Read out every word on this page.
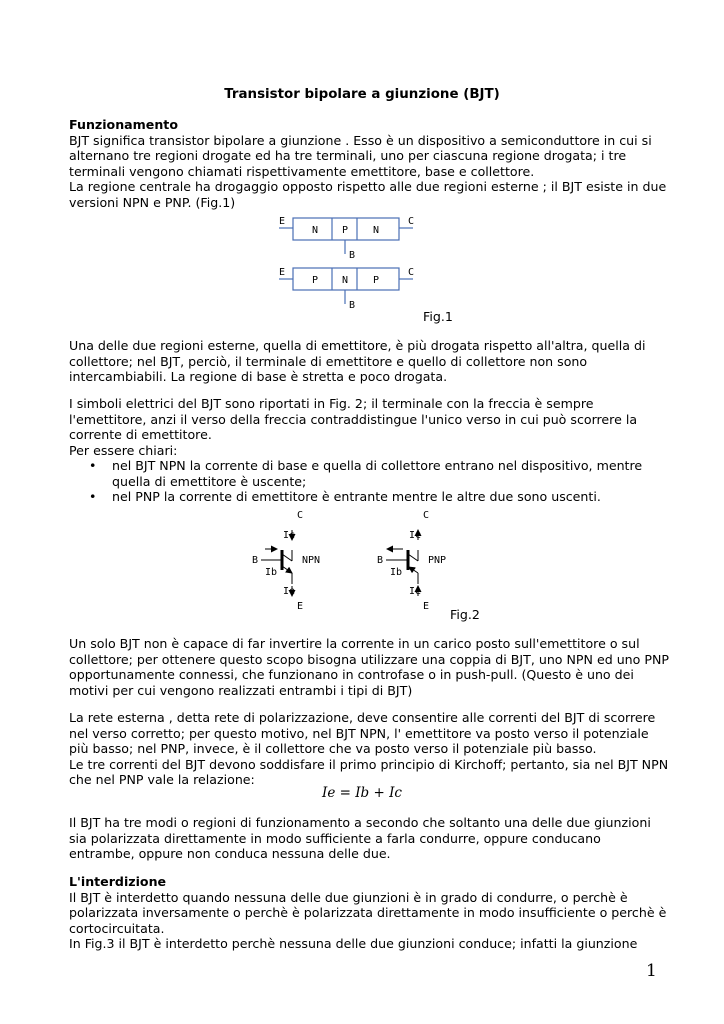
Transistor bipolare a giunzione (BJT)
Funzionamento
BJT significa transistor bipolare a giunzione . Esso è un dispositivo a semiconduttore in cui si alternano tre regioni drogate ed ha tre terminali, uno per ciascuna regione drogata; i tre terminali vengono chiamati rispettivamente emettitore, base e collettore.
La regione centrale ha drogaggio opposto rispetto alle due regioni esterne ; il BJT esiste in due versioni NPN e PNP. (Fig.1)
E
N P N
C
B
E
P N P
C
B
Fig.1
Una delle due regioni esterne, quella di emettitore, è più drogata rispetto all'altra, quella di collettore; nel BJT, perciò, il terminale di emettitore e quello di collettore non sono intercambiabili. La regione di base è stretta e poco drogata.
I simboli elettrici del BJT sono riportati in Fig. 2; il terminale con la freccia è sempre l'emettitore, anzi il verso della freccia contraddistingue l'unico verso in cui può scorrere la corrente di emettitore.
Per essere chiari:
• nel BJT NPN la corrente di base e quella di collettore entrano nel dispositivo, mentre quella di emettitore è uscente;
• nel PNP la corrente di emettitore è entrante mentre le altre due sono uscenti.
C
Ic
B
Ib
NPN
Ie
E
C
Ic
B
Ib
PNP
Ie
E
Fig.2
Un solo BJT non è capace di far invertire la corrente in un carico posto sull'emettitore o sul collettore; per ottenere questo scopo bisogna utilizzare una coppia di BJT, uno NPN ed uno PNP opportunamente connessi, che funzionano in controfase o in push-pull. (Questo è uno dei motivi per cui vengono realizzati entrambi i tipi di BJT)
La rete esterna , detta rete di polarizzazione, deve consentire alle correnti del BJT di scorrere nel verso corretto; per questo motivo, nel BJT NPN, l' emettitore va posto verso il potenziale più basso; nel PNP, invece, è il collettore che va posto verso il potenziale più basso.
Le tre correnti del BJT devono soddisfare il primo principio di Kirchoff; pertanto, sia nel BJT NPN che nel PNP vale la relazione:
Ie = Ib + Ic
Il BJT ha tre modi o regioni di funzionamento a secondo che soltanto una delle due giunzioni sia polarizzata direttamente in modo sufficiente a farla condurre, oppure conducano entrambe, oppure non conduca nessuna delle due.
L'interdizione
Il BJT è interdetto quando nessuna delle due giunzioni è in grado di condurre, o perchè è polarizzata inversamente o perchè è polarizzata direttamente in modo insufficiente o perchè è cortocircuitata.
In Fig.3 il BJT è interdetto perchè nessuna delle due giunzioni conduce; infatti la giunzione
1
